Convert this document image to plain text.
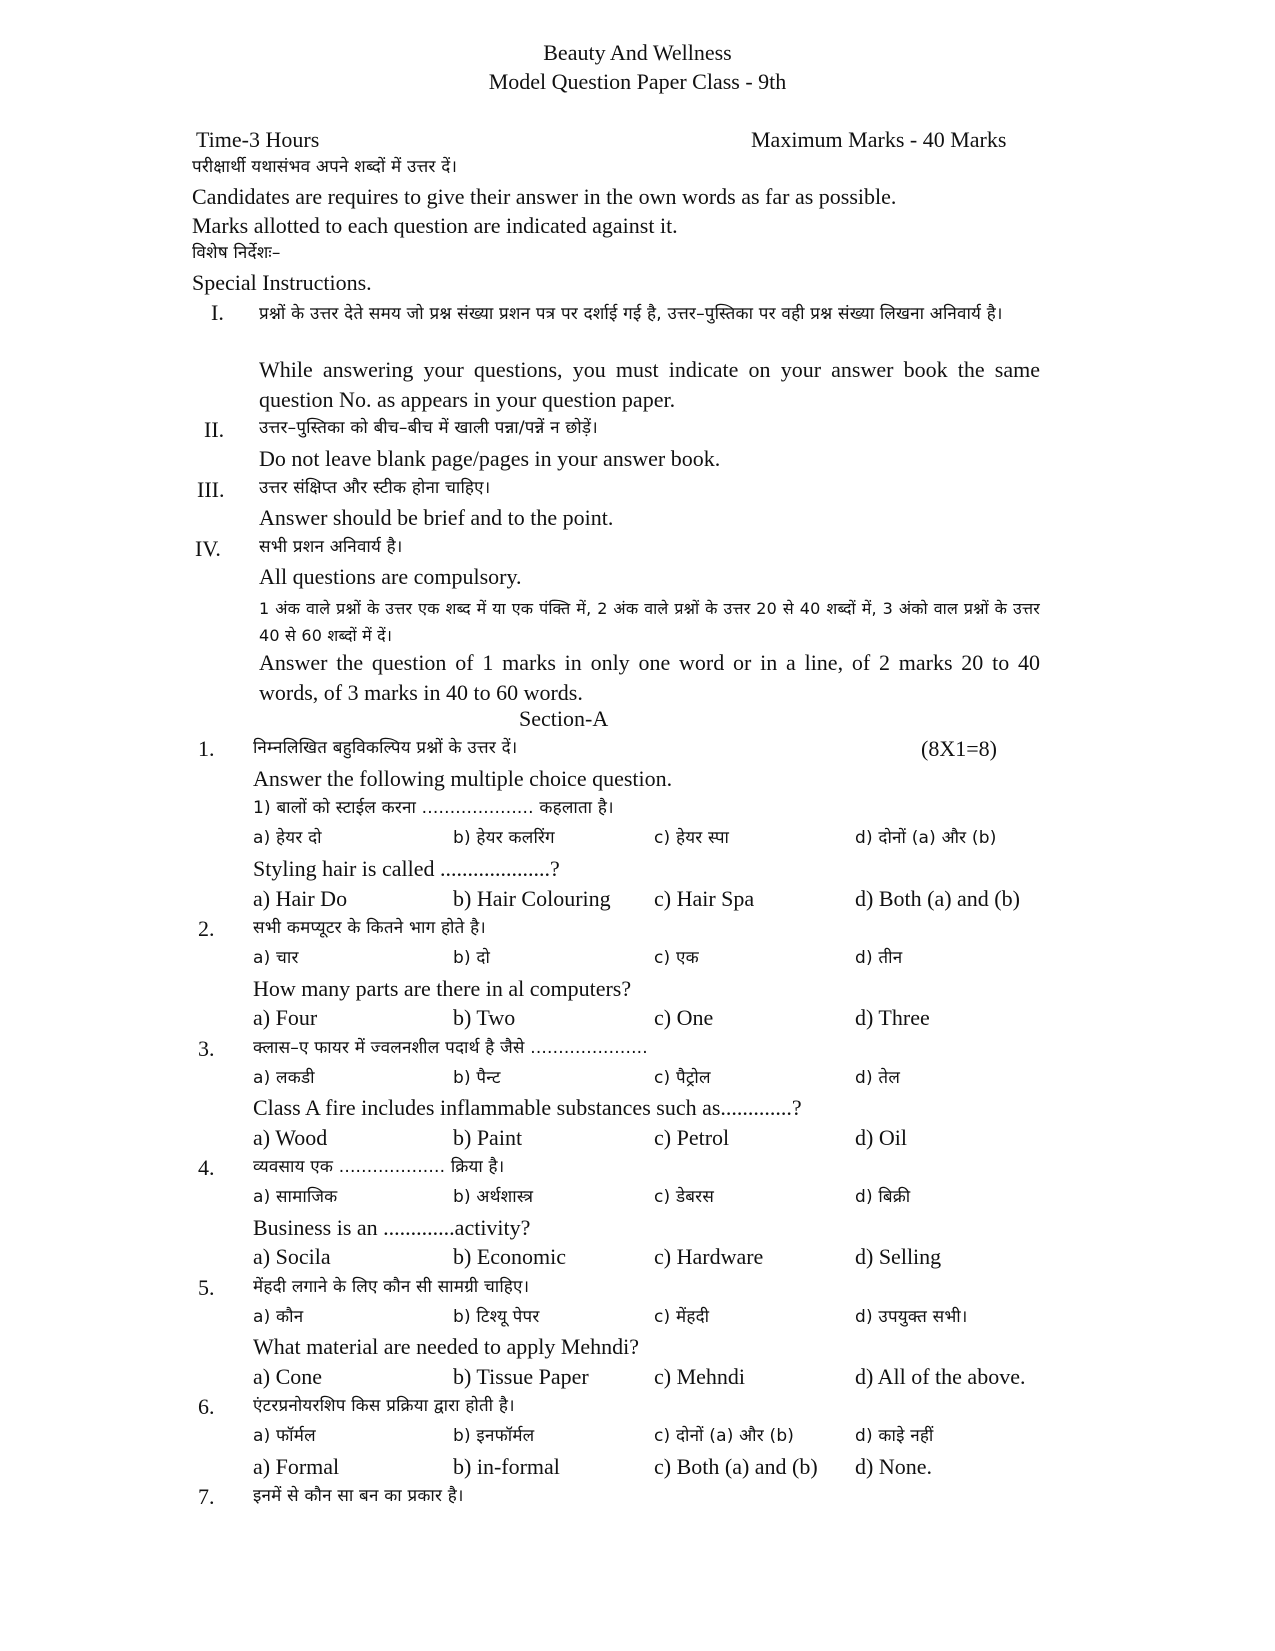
Beauty And Wellness
Model Question Paper Class - 9th
Time-3 Hours	Maximum Marks - 40 Marks
परीक्षार्थी यथासंभव अपने शब्दों में उत्तर दें।
Candidates are requires to give their answer in the own words as far as possible.
Marks allotted to each question are indicated against it.
विशेष निर्देशः–
Special Instructions.
I. प्रश्नों के उत्तर देते समय जो प्रश्न संख्या प्रशन पत्र पर दर्शाई गई है, उत्तर–पुस्तिका पर वही प्रश्न संख्या लिखना अनिवार्य है।
While answering your questions, you must indicate on your answer book the same question No. as appears in your question paper.
II. उत्तर–पुस्तिका को बीच–बीच में खाली पन्ना/पन्नें न छोड़ें।
Do not leave blank page/pages in your answer book.
III. उत्तर संक्षिप्त और स्टीक होना चाहिए।
Answer should be brief and to the point.
IV. सभी प्रशन अनिवार्य है।
All questions are compulsory.
1 अंक वाले प्रश्नों के उत्तर एक शब्द में या एक पंक्ति में, 2 अंक वाले प्रश्नों के उत्तर 20 से 40 शब्दों में, 3 अंको वाल प्रश्नों के उत्तर 40 से 60 शब्दों में दें।
Answer the question of 1 marks in only one word or in a line, of 2 marks 20 to 40 words, of 3 marks in 40 to 60 words.
Section-A
1. निम्नलिखित बहुविकल्पिय प्रश्नों के उत्तर दें।	(8X1=8)
Answer the following multiple choice question.
1) बालों को स्टाईल करना .................... कहलाता है।
a) हेयर दो	b) हेयर कलरिंग	c) हेयर स्पा	d) दोनों (a) और (b)
Styling hair is called ....................?
a) Hair Do	b) Hair Colouring c) Hair Spa	d) Both (a) and (b)
2. सभी कमप्यूटर के कितने भाग होते है।
a) चार	b) दो	c) एक	d) तीन
How many parts are there in al computers?
a) Four	b) Two	c) One	d) Three
3. क्लास–ए फायर में ज्वलनशील पदार्थ है जैसे .....................
a) लकडी	b) पैन्ट	c) पैट्रोल	d) तेल
Class A fire includes inflammable substances such as.............?
a) Wood	b) Paint	c) Petrol	d) Oil
4. व्यवसाय एक ................... क्रिया है।
a) सामाजिक	b) अर्थशास्त्र	c) डेबरस	d) बिक्री
Business is an .............activity?
a) Socila	b) Economic	c) Hardware	d) Selling
5. मेंहदी लगाने के लिए कौन सी सामग्री चाहिए।
a) कौन	b) टिश्यू पेपर	c) मेंहदी	d) उपयुक्त सभी।
What material are needed to apply Mehndi?
a) Cone	b) Tissue Paper	c) Mehndi	d) All of the above.
6. एंटरप्रनोयरशिप किस प्रक्रिया द्वारा होती है।
a) फॉर्मल	b) इनफॉर्मल	c) दोनों (a) और (b)	d) काइे नहीं
a) Formal	b) in-formal	c) Both (a) and (b) d) None.
7. इनमें से कौन सा बन का प्रकार है।
